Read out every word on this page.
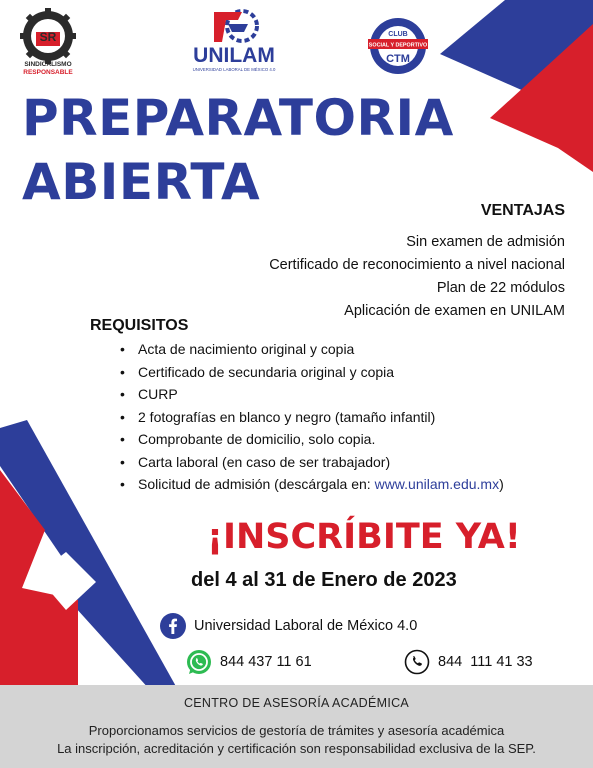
SR
SINDICALISMO
RESPONSABLE
UNILAM
UNIVERSIDAD LABORAL DE MÉXICO 4.0
CLUB
SOCIAL Y DEPORTIVO
CTM
PREPARATORIA
ABIERTA	VENTAJAS
Sin examen de admisión
Certificado de reconocimiento a nivel nacional
Plan de 22 módulos
Aplicación de examen en UNILAM
REQUISITOS
• Acta de nacimiento original y copia
• Certificado de secundaria original y copia
• CURP
• 2 fotografías en blanco y negro (tamaño infantil)
• Comprobante de domicilio, solo copia.
• Carta laboral (en caso de ser trabajador)
• Solicitud de admisión (descárgala en: www.unilam.edu.mx)
¡INSCRÍBITE YA!
del 4 al 31 de Enero de 2023
Universidad Laboral de México 4.0
844 437 11 61	844  111 41 33
CENTRO DE ASESORÍA ACADÉMICA
Proporcionamos servicios de gestoría de trámites y asesoría académica
La inscripción, acreditación y certificación son responsabilidad exclusiva de la SEP.
